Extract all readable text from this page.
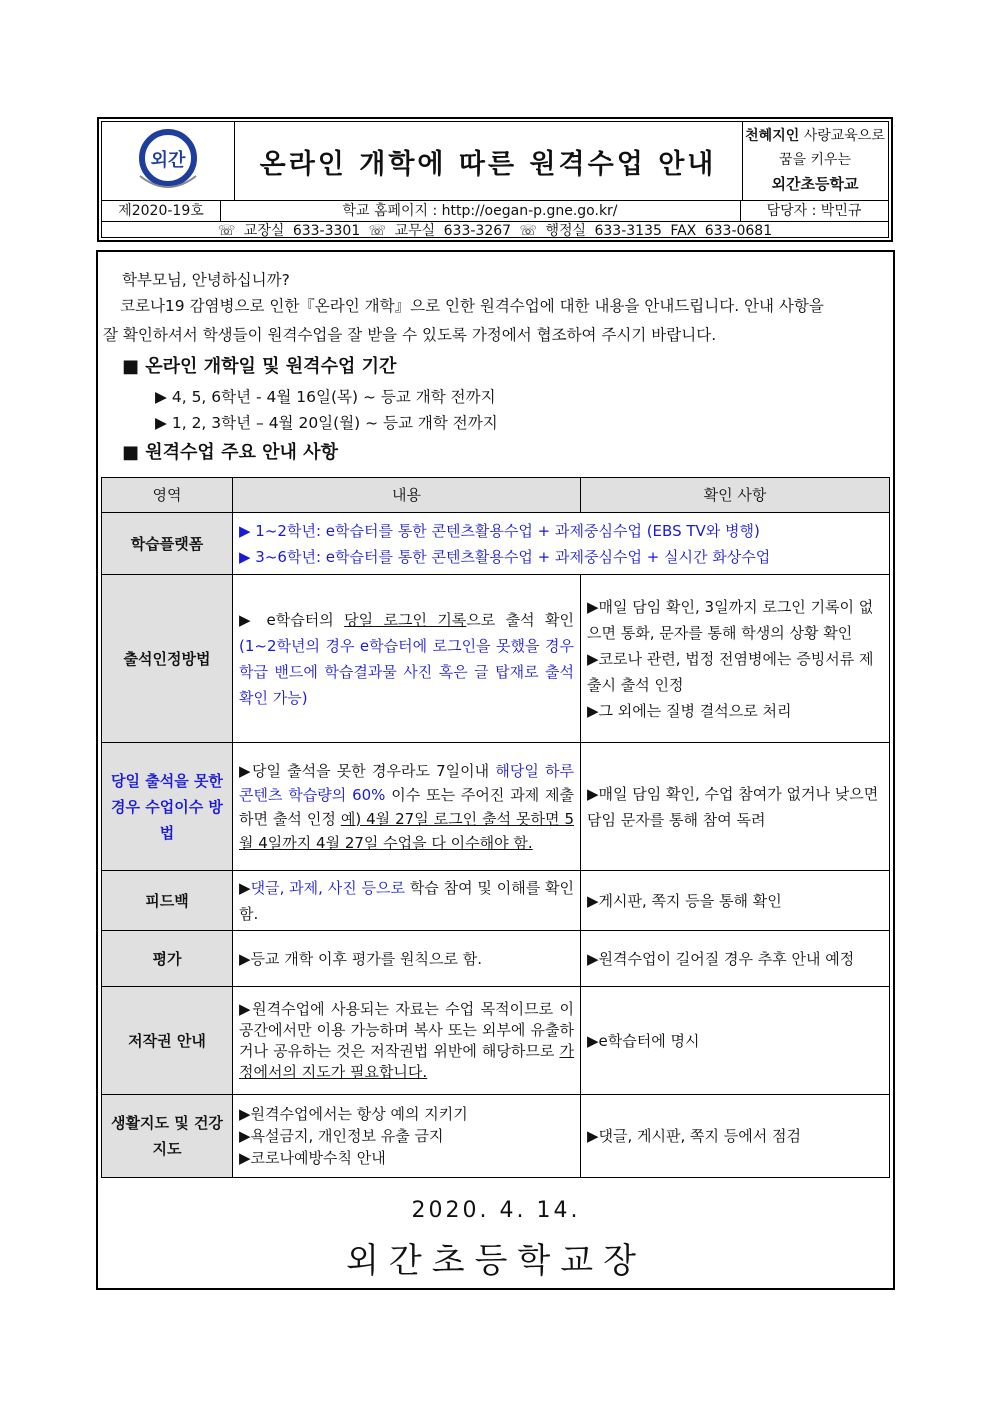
외간	온라인 개학에 따른 원격수업 안내
천혜지인 사랑교육으로
꿈을 키우는
외간초등학교
제2020-19호	학교 홈페이지 : http://oegan-p.gne.go.kr/	담당자 : 박민규
☏ 교장실 633-3301 ☏ 교무실 633-3267 ☏ 행정실 633-3135 FAX 633-0681
학부모님, 안녕하십니까?
코로나19 감염병으로 인한『온라인 개학』으로 인한 원격수업에 대한 내용을 안내드립니다. 안내 사항을
잘 확인하셔서 학생들이 원격수업을 잘 받을 수 있도록 가정에서 협조하여 주시기 바랍니다.
■ 온라인 개학일 및 원격수업 기간
▶ 4, 5, 6학년 - 4월 16일(목) ~ 등교 개학 전까지
▶ 1, 2, 3학년 – 4월 20일(월) ~ 등교 개학 전까지
■ 원격수업 주요 안내 사항
영역	내용	확인 사항
학습플랫폼	▶ 1~2학년: e학습터를 통한 콘텐츠활용수업 + 과제중심수업 (EBS TV와 병행)
▶ 3~6학년: e학습터를 통한 콘텐츠활용수업 + 과제중심수업 + 실시간 화상수업	

출석인정방법	▶ e학습터의 당일 로그인 기록으로 출석 확인 (1~2학년의 경우 e학습터에 로그인을 못했을 경우 학급 밴드에 학습결과물 사진 혹은 글 탑재로 출석확인 가능)	▶매일 담임 확인, 3일까지 로그인 기록이 없으면 통화, 문자를 통해 학생의 상황 확인
▶코로나 관련, 법정 전염병에는 증빙서류 제출시 출석 인정
▶그 외에는 질병 결석으로 처리

당일 출석을 못한 경우 수업이수 방법	▶당일 출석을 못한 경우라도 7일이내 해당일 하루 콘텐츠 학습량의 60% 이수 또는 주어진 과제 제출하면 출석 인정 예) 4월 27일 로그인 출석 못하면 5월 4일까지 4월 27일 수업을 다 이수해야 함.	▶매일 담임 확인, 수업 참여가 없거나 낮으면 담임 문자를 통해 참여 독려
피드백	▶댓글, 과제, 사진 등으로 학습 참여 및 이해를 확인함.	▶게시판, 쪽지 등을 통해 확인
평가	▶등교 개학 이후 평가를 원칙으로 함.	▶원격수업이 길어질 경우 추후 안내 예정
저작권 안내	▶원격수업에 사용되는 자료는 수업 목적이므로 이 공간에서만 이용 가능하며 복사 또는 외부에 유출하거나 공유하는 것은 저작권법 위반에 해당하므로 가정에서의 지도가 필요합니다.	▶e학습터에 명시
생활지도 및 건강 지도	▶원격수업에서는 항상 예의 지키기
▶욕설금지, 개인정보 유출 금지
▶코로나예방수칙 안내	▶댓글, 게시판, 쪽지 등에서 점검
2020. 4. 14.
외간초등학교장
